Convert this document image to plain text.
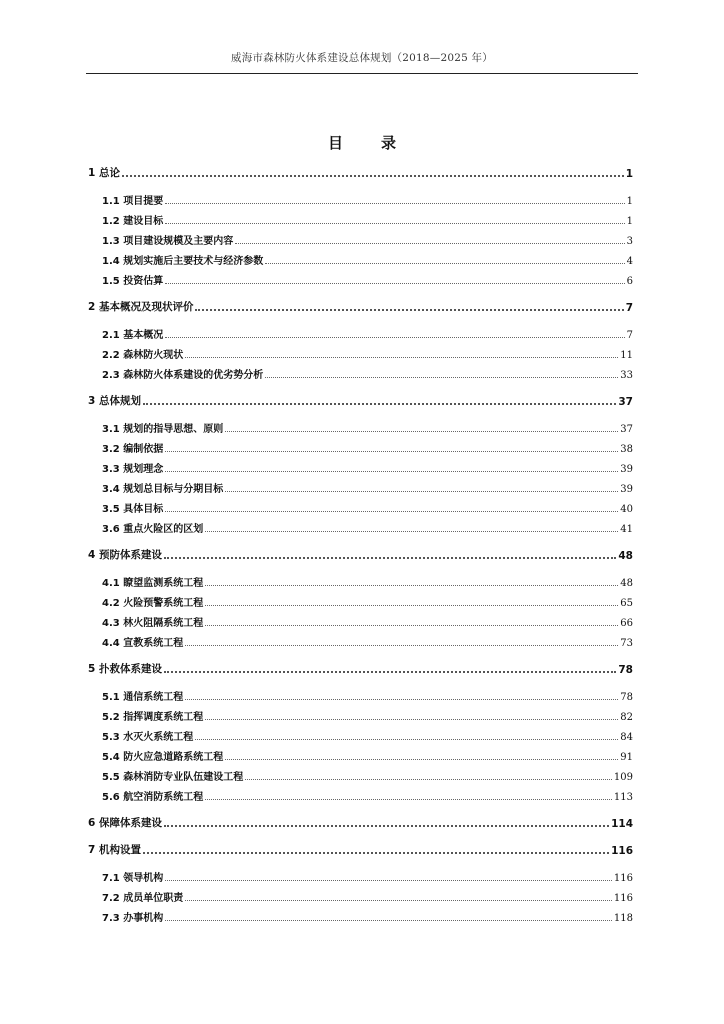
威海市森林防火体系建设总体规划（2018—2025 年）
目录
1 总论	1
1.1 项目提要	1
1.2 建设目标	1
1.3 项目建设规模及主要内容	3
1.4 规划实施后主要技术与经济参数	4
1.5 投资估算	6
2 基本概况及现状评价	7
2.1 基本概况	7
2.2 森林防火现状	11
2.3 森林防火体系建设的优劣势分析	33
3 总体规划	37
3.1 规划的指导思想、原则	37
3.2 编制依据	38
3.3 规划理念	39
3.4 规划总目标与分期目标	39
3.5 具体目标	40
3.6 重点火险区的区划	41
4 预防体系建设	48
4.1 瞭望监测系统工程	48
4.2 火险预警系统工程	65
4.3 林火阻隔系统工程	66
4.4 宣教系统工程	73
5 扑救体系建设	78
5.1 通信系统工程	78
5.2 指挥调度系统工程	82
5.3 水灭火系统工程	84
5.4 防火应急道路系统工程	91
5.5 森林消防专业队伍建设工程	109
5.6 航空消防系统工程	113
6 保障体系建设	114
7 机构设置	116
7.1 领导机构	116
7.2 成员单位职责	116
7.3 办事机构	118
